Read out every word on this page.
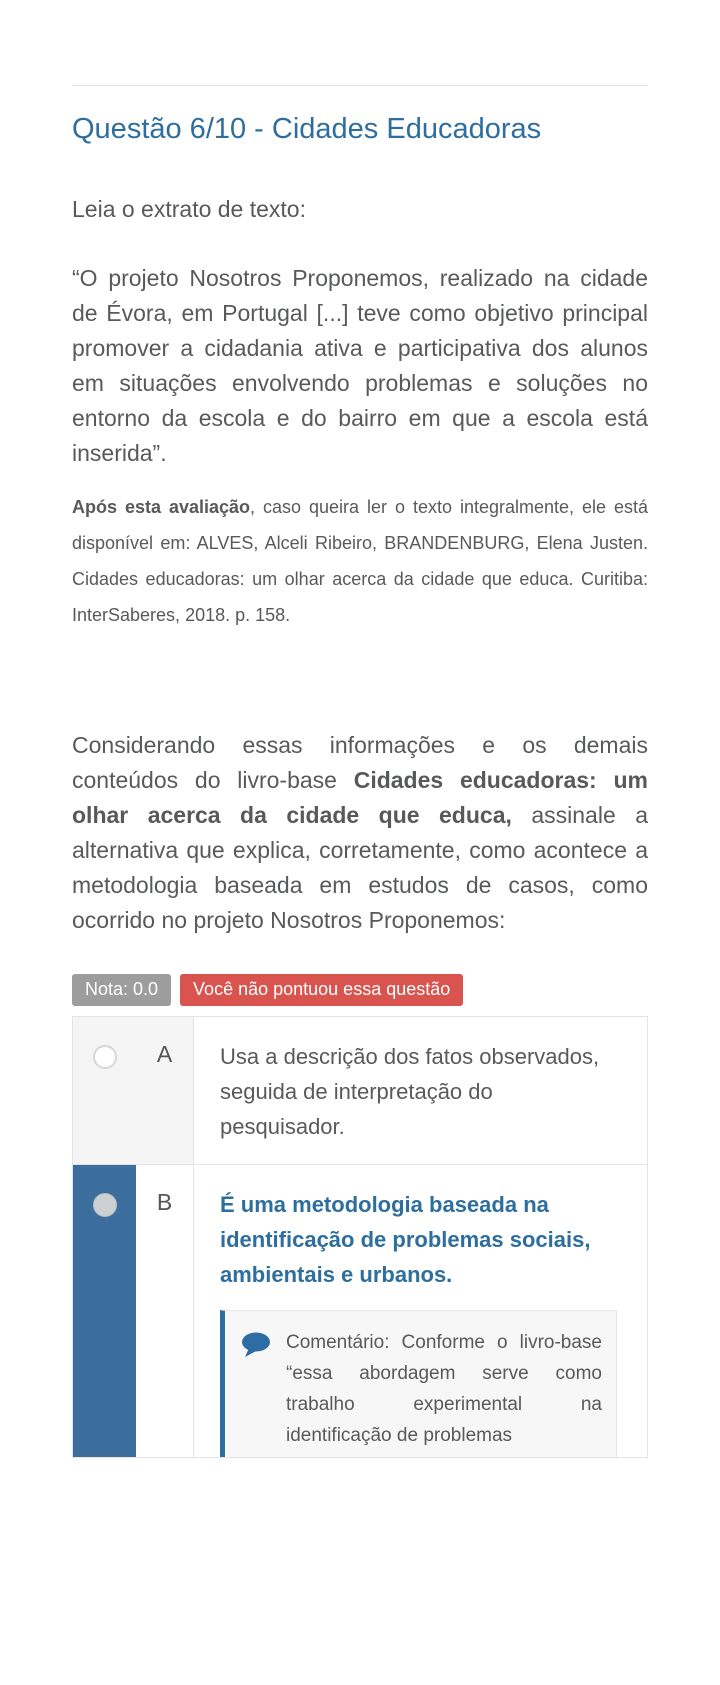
Questão 6/10 - Cidades Educadoras

Leia o extrato de texto:

“O projeto Nosotros Proponemos, realizado na cidade de Évora, em Portugal [...] teve como objetivo principal promover a cidadania ativa e participativa dos alunos em situações envolvendo problemas e soluções no entorno da escola e do bairro em que a escola está inserida”.

Após esta avaliação, caso queira ler o texto integralmente, ele está disponível em: ALVES, Alceli Ribeiro, BRANDENBURG, Elena Justen. Cidades educadoras: um olhar acerca da cidade que educa. Curitiba: InterSaberes, 2018. p. 158.

Considerando essas informações e os demais conteúdos do livro-base Cidades educadoras: um olhar acerca da cidade que educa, assinale a alternativa que explica, corretamente, como acontece a metodologia baseada em estudos de casos, como ocorrido no projeto Nosotros Proponemos:

Nota: 0.0	Você não pontuou essa questão
A	Usa a descrição dos fatos observados, seguida de interpretação do pesquisador.
B	É uma metodologia baseada na identificação de problemas sociais, ambientais e urbanos.
Comentário: Conforme o livro-base “essa abordagem serve como trabalho experimental na identificação de problemas
